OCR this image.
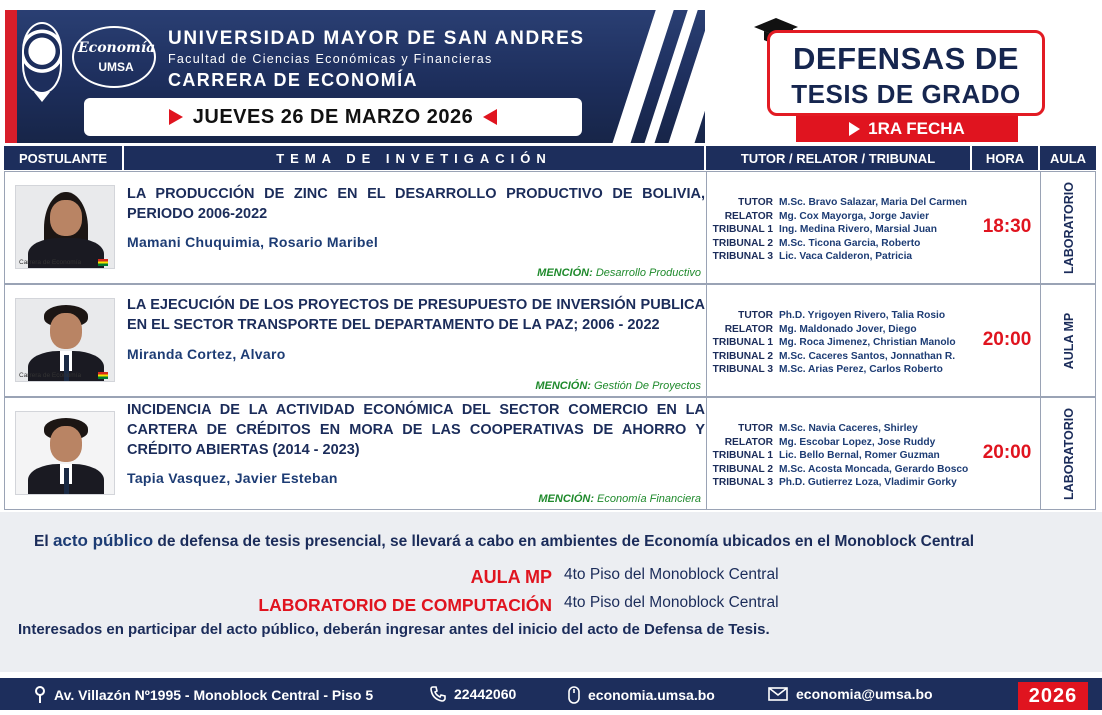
Economía
UMSA
UNIVERSIDAD MAYOR DE SAN ANDRES
Facultad de Ciencias Económicas y Financieras
CARRERA DE ECONOMÍA
JUEVES 26 DE MARZO 2026
DEFENSAS DE
TESIS DE GRADO
1RA FECHA
POSTULANTE	TEMA DE INVETIGACIÓN	TUTOR / RELATOR / TRIBUNAL	HORA	AULA
Carrera de Economía
LA PRODUCCIÓN DE ZINC EN EL DESARROLLO PRODUCTIVO DE BOLIVIA, PERIODO 2006-2022
Mamani Chuquimia, Rosario Maribel
MENCIÓN: Desarrollo Productivo
TUTOR M.Sc. Bravo Salazar, Maria Del Carmen
RELATOR Mg. Cox Mayorga, Jorge Javier
TRIBUNAL 1 Ing. Medina Rivero, Marsial Juan
TRIBUNAL 2 M.Sc. Ticona Garcia, Roberto
TRIBUNAL 3 Lic. Vaca Calderon, Patricia
18:30	LABORATORIO
Carrera de Economía
LA EJECUCIÓN DE LOS PROYECTOS DE PRESUPUESTO DE INVERSIÓN PUBLICA EN EL SECTOR TRANSPORTE DEL DEPARTAMENTO DE LA PAZ; 2006 - 2022
Miranda Cortez, Alvaro
MENCIÓN: Gestión De Proyectos
TUTOR Ph.D. Yrigoyen Rivero, Talia Rosio
RELATOR Mg. Maldonado Jover, Diego
TRIBUNAL 1 Mg. Roca Jimenez, Christian Manolo
TRIBUNAL 2 M.Sc. Caceres Santos, Jonnathan R.
TRIBUNAL 3 M.Sc. Arias Perez, Carlos Roberto
20:00	AULA MP
INCIDENCIA DE LA ACTIVIDAD ECONÓMICA DEL SECTOR COMERCIO EN LA CARTERA DE CRÉDITOS EN MORA DE LAS COOPERATIVAS DE AHORRO Y CRÉDITO ABIERTAS (2014 - 2023)
Tapia Vasquez, Javier Esteban
MENCIÓN: Economía Financiera
TUTOR M.Sc. Navia Caceres, Shirley
RELATOR Mg. Escobar Lopez, Jose Ruddy
TRIBUNAL 1 Lic. Bello Bernal, Romer Guzman
TRIBUNAL 2 M.Sc. Acosta Moncada, Gerardo Bosco
TRIBUNAL 3 Ph.D. Gutierrez Loza, Vladimir Gorky
20:00	LABORATORIO
El acto público de defensa de tesis presencial, se llevará a cabo en ambientes de Economía ubicados en el Monoblock Central
AULA MP 4to Piso del Monoblock Central
LABORATORIO DE COMPUTACIÓN 4to Piso del Monoblock Central
Interesados en participar del acto público, deberán ingresar antes del inicio del acto de Defensa de Tesis.
Av. Villazón Nº1995 - Monoblock Central - Piso 5	22442060	economia.umsa.bo	economia@umsa.bo	2026
